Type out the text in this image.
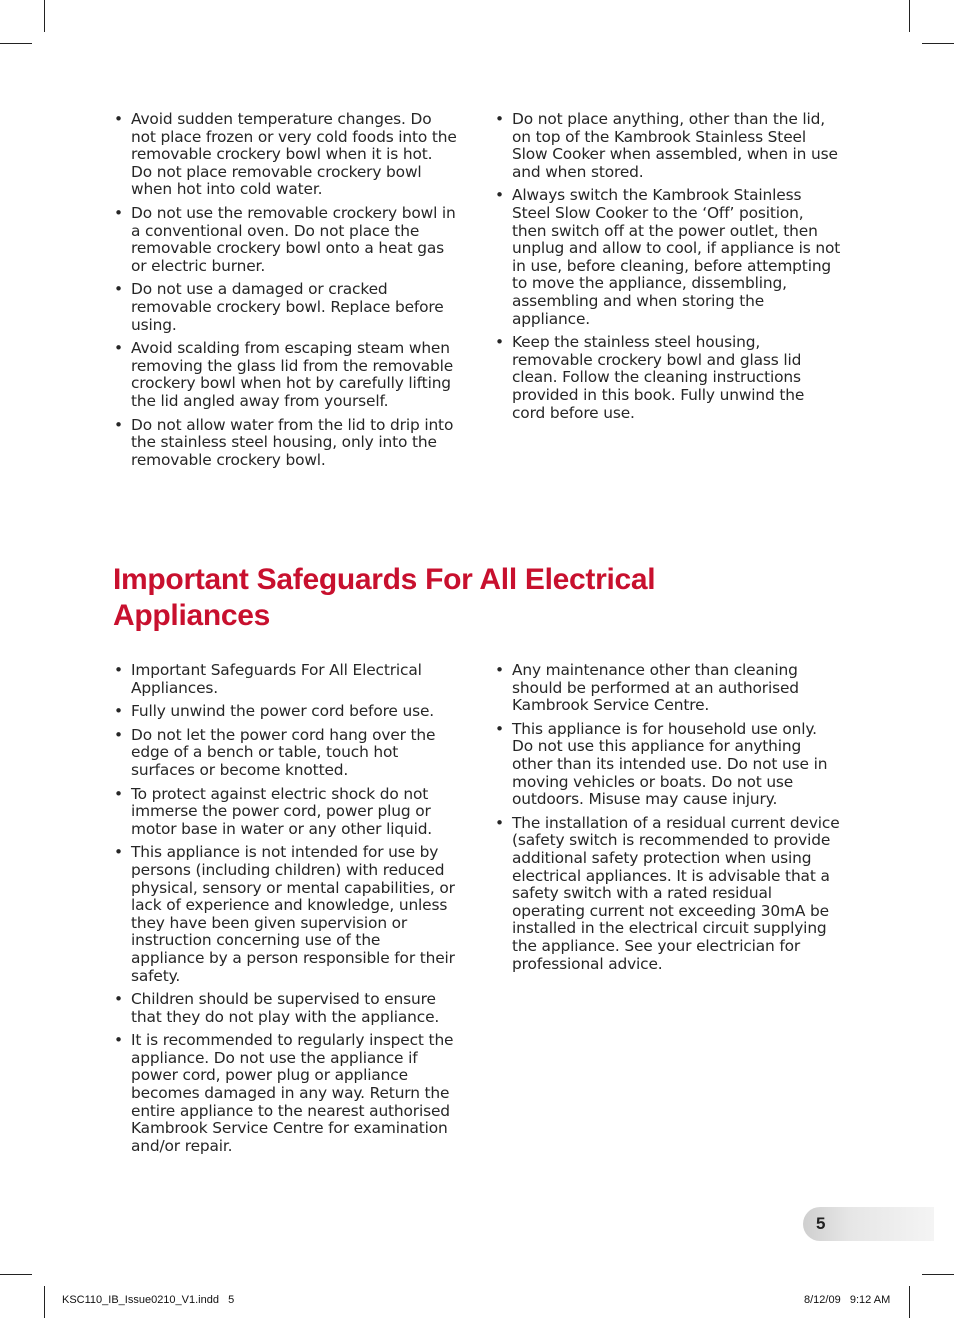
• Avoid sudden temperature changes. Do not place frozen or very cold foods into the removable crockery bowl when it is hot. Do not place removable crockery bowl when hot into cold water.
• Do not use the removable crockery bowl in a conventional oven. Do not place the removable crockery bowl onto a heat gas or electric burner.
• Do not use a damaged or cracked removable crockery bowl. Replace before using.
• Avoid scalding from escaping steam when removing the glass lid from the removable crockery bowl when hot by carefully lifting the lid angled away from yourself.
• Do not allow water from the lid to drip into the stainless steel housing, only into the removable crockery bowl.
• Do not place anything, other than the lid, on top of the Kambrook Stainless Steel Slow Cooker when assembled, when in use and when stored.
• Always switch the Kambrook Stainless Steel Slow Cooker to the ‘Off’ position, then switch off at the power outlet, then unplug and allow to cool, if appliance is not in use, before cleaning, before attempting to move the appliance, dissembling, assembling and when storing the appliance.
• Keep the stainless steel housing, removable crockery bowl and glass lid clean. Follow the cleaning instructions provided in this book. Fully unwind the cord before use.
Important Safeguards For All Electrical Appliances
• Important Safeguards For All Electrical Appliances.
• Fully unwind the power cord before use.
• Do not let the power cord hang over the edge of a bench or table, touch hot surfaces or become knotted.
• To protect against electric shock do not immerse the power cord, power plug or motor base in water or any other liquid.
• This appliance is not intended for use by persons (including children) with reduced physical, sensory or mental capabilities, or lack of experience and knowledge, unless they have been given supervision or instruction concerning use of the appliance by a person responsible for their safety.
• Children should be supervised to ensure that they do not play with the appliance.
• It is recommended to regularly inspect the appliance. Do not use the appliance if power cord, power plug or appliance becomes damaged in any way. Return the entire appliance to the nearest authorised Kambrook Service Centre for examination and/or repair.
• Any maintenance other than cleaning should be performed at an authorised Kambrook Service Centre.
• This appliance is for household use only. Do not use this appliance for anything other than its intended use. Do not use in moving vehicles or boats. Do not use outdoors. Misuse may cause injury.
• The installation of a residual current device (safety switch is recommended to provide additional safety protection when using electrical appliances. It is advisable that a safety switch with a rated residual operating current not exceeding 30mA be installed in the electrical circuit supplying the appliance. See your electrician for professional advice.
5
KSC110_IB_Issue0210_V1.indd   5	8/12/09   9:12 AM
